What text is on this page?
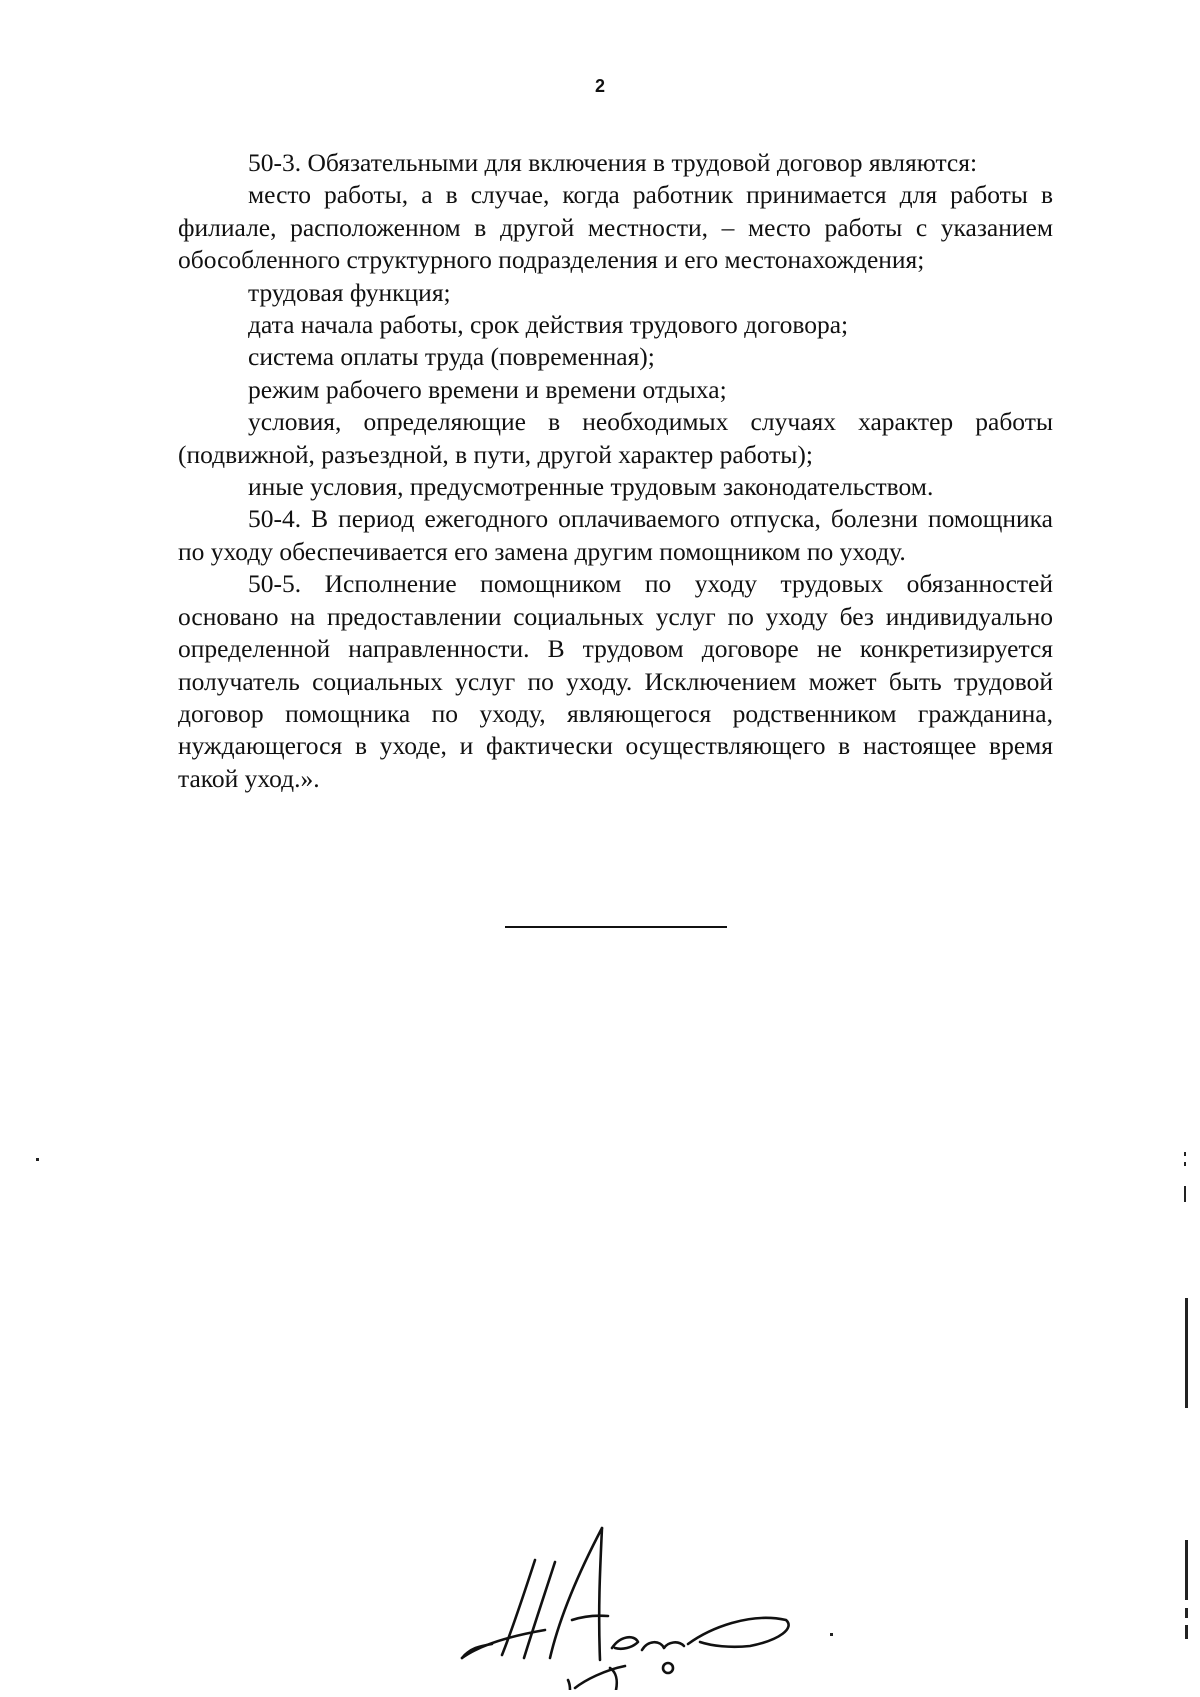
2

50-3. Обязательными для включения в трудовой договор являются:

место работы, а в случае, когда работник принимается для работы в филиале, расположенном в другой местности, – место работы с указанием обособленного структурного подразделения и его местонахождения;

трудовая функция;

дата начала работы, срок действия трудового договора;

система оплаты труда (повременная);

режим рабочего времени и времени отдыха;

условия, определяющие в необходимых случаях характер работы (подвижной, разъездной, в пути, другой характер работы);

иные условия, предусмотренные трудовым законодательством.

50-4. В период ежегодного оплачиваемого отпуска, болезни помощника по уходу обеспечивается его замена другим помощником по уходу.

50-5. Исполнение помощником по уходу трудовых обязанностей основано на предоставлении социальных услуг по уходу без индивидуально определенной направленности. В трудовом договоре не конкретизируется получатель социальных услуг по уходу. Исключением может быть трудовой договор помощника по уходу, являющегося родственником гражданина, нуждающегося в уходе, и фактически осуществляющего в настоящее время такой уход.».
